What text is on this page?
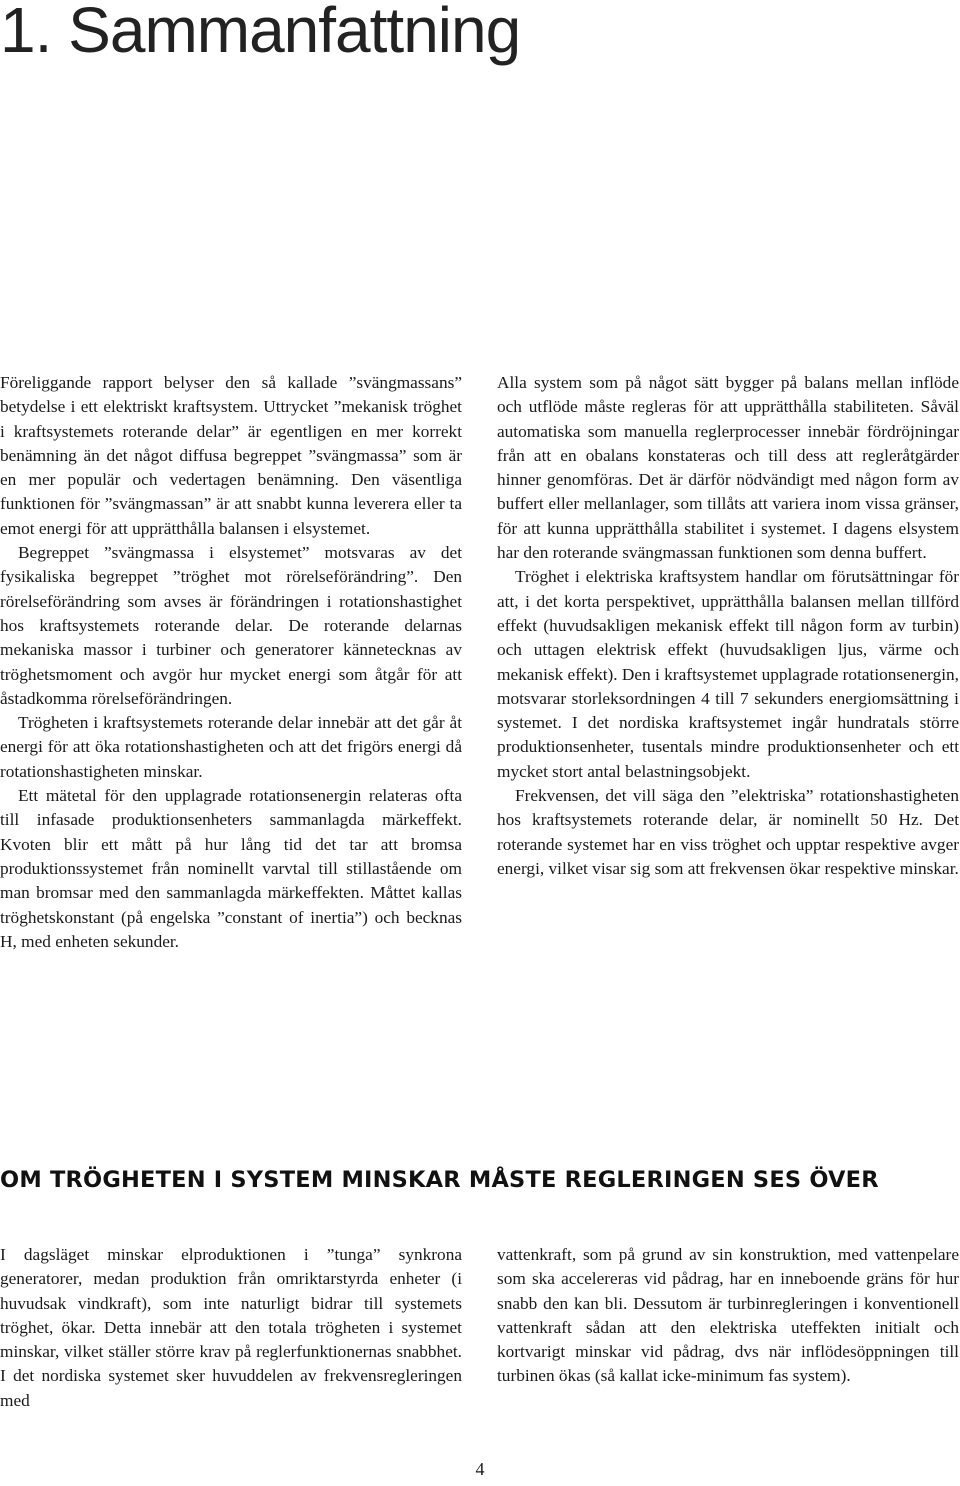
1. Sammanfattning

Föreliggande rapport belyser den så kallade ”svängmassans” betydelse i ett elektriskt kraftsystem. Uttrycket ”mekanisk tröghet i kraftsystemets roterande delar” är egentligen en mer korrekt benämning än det något diffusa begreppet ”svängmassa” som är en mer populär och vedertagen benämning. Den väsentliga funktionen för ”svängmassan” är att snabbt kunna leverera eller ta emot energi för att upprätthålla balansen i elsystemet.

Begreppet ”svängmassa i elsystemet” motsvaras av det fysikaliska begreppet ”tröghet mot rörelseförändring”. Den rörelseförändring som avses är förändringen i rotationshastighet hos kraftsystemets roterande delar. De roterande delarnas mekaniska massor i turbiner och generatorer kännetecknas av tröghetsmoment och avgör hur mycket energi som åtgår för att åstadkomma rörelseförändringen.

Trögheten i kraftsystemets roterande delar innebär att det går åt energi för att öka rotationshastigheten och att det frigörs energi då rotationshastigheten minskar.

Ett mätetal för den upplagrade rotationsenergin relateras ofta till infasade produktionsenheters sammanlagda märkeffekt. Kvoten blir ett mått på hur lång tid det tar att bromsa produktionssystemet från nominellt varvtal till stillastående om man bromsar med den sammanlagda märkeffekten. Måttet kallas tröghetskonstant (på engelska ”constant of inertia”) och becknas H, med enheten sekunder.

Alla system som på något sätt bygger på balans mellan inflöde och utflöde måste regleras för att upprätthålla stabiliteten. Såväl automatiska som manuella reglerprocesser innebär fördröjningar från att en obalans konstateras och till dess att regleråtgärder hinner genomföras. Det är därför nödvändigt med någon form av buffert eller mellanlager, som tillåts att variera inom vissa gränser, för att kunna upprätthålla stabilitet i systemet. I dagens elsystem har den roterande svängmassan funktionen som denna buffert.

Tröghet i elektriska kraftsystem handlar om förutsättningar för att, i det korta perspektivet, upprätthålla balansen mellan tillförd effekt (huvudsakligen mekanisk effekt till någon form av turbin) och uttagen elektrisk effekt (huvudsakligen ljus, värme och mekanisk effekt). Den i kraftsystemet upplagrade rotationsenergin, motsvarar storleksordningen 4 till 7 sekunders energiomsättning i systemet. I det nordiska kraftsystemet ingår hundratals större produktionsenheter, tusentals mindre produktionsenheter och ett mycket stort antal belastningsobjekt.

Frekvensen, det vill säga den ”elektriska” rotationshastigheten hos kraftsystemets roterande delar, är nominellt 50 Hz. Det roterande systemet har en viss tröghet och upptar respektive avger energi, vilket visar sig som att frekvensen ökar respektive minskar.

OM TRÖGHETEN I SYSTEM MINSKAR MÅSTE REGLERINGEN SES ÖVER

I dagsläget minskar elproduktionen i ”tunga” synkrona generatorer, medan produktion från omriktarstyrda enheter (i huvudsak vindkraft), som inte naturligt bidrar till systemets tröghet, ökar. Detta innebär att den totala trögheten i systemet minskar, vilket ställer större krav på reglerfunktionernas snabbhet. I det nordiska systemet sker huvuddelen av frekvensregleringen med

vattenkraft, som på grund av sin konstruktion, med vattenpelare som ska accelereras vid pådrag, har en inneboende gräns för hur snabb den kan bli. Dessutom är turbinregleringen i konventionell vattenkraft sådan att den elektriska uteffekten initialt och kortvarigt minskar vid pådrag, dvs när inflödesöppningen till turbinen ökas (så kallat icke-minimum fas system).

4
